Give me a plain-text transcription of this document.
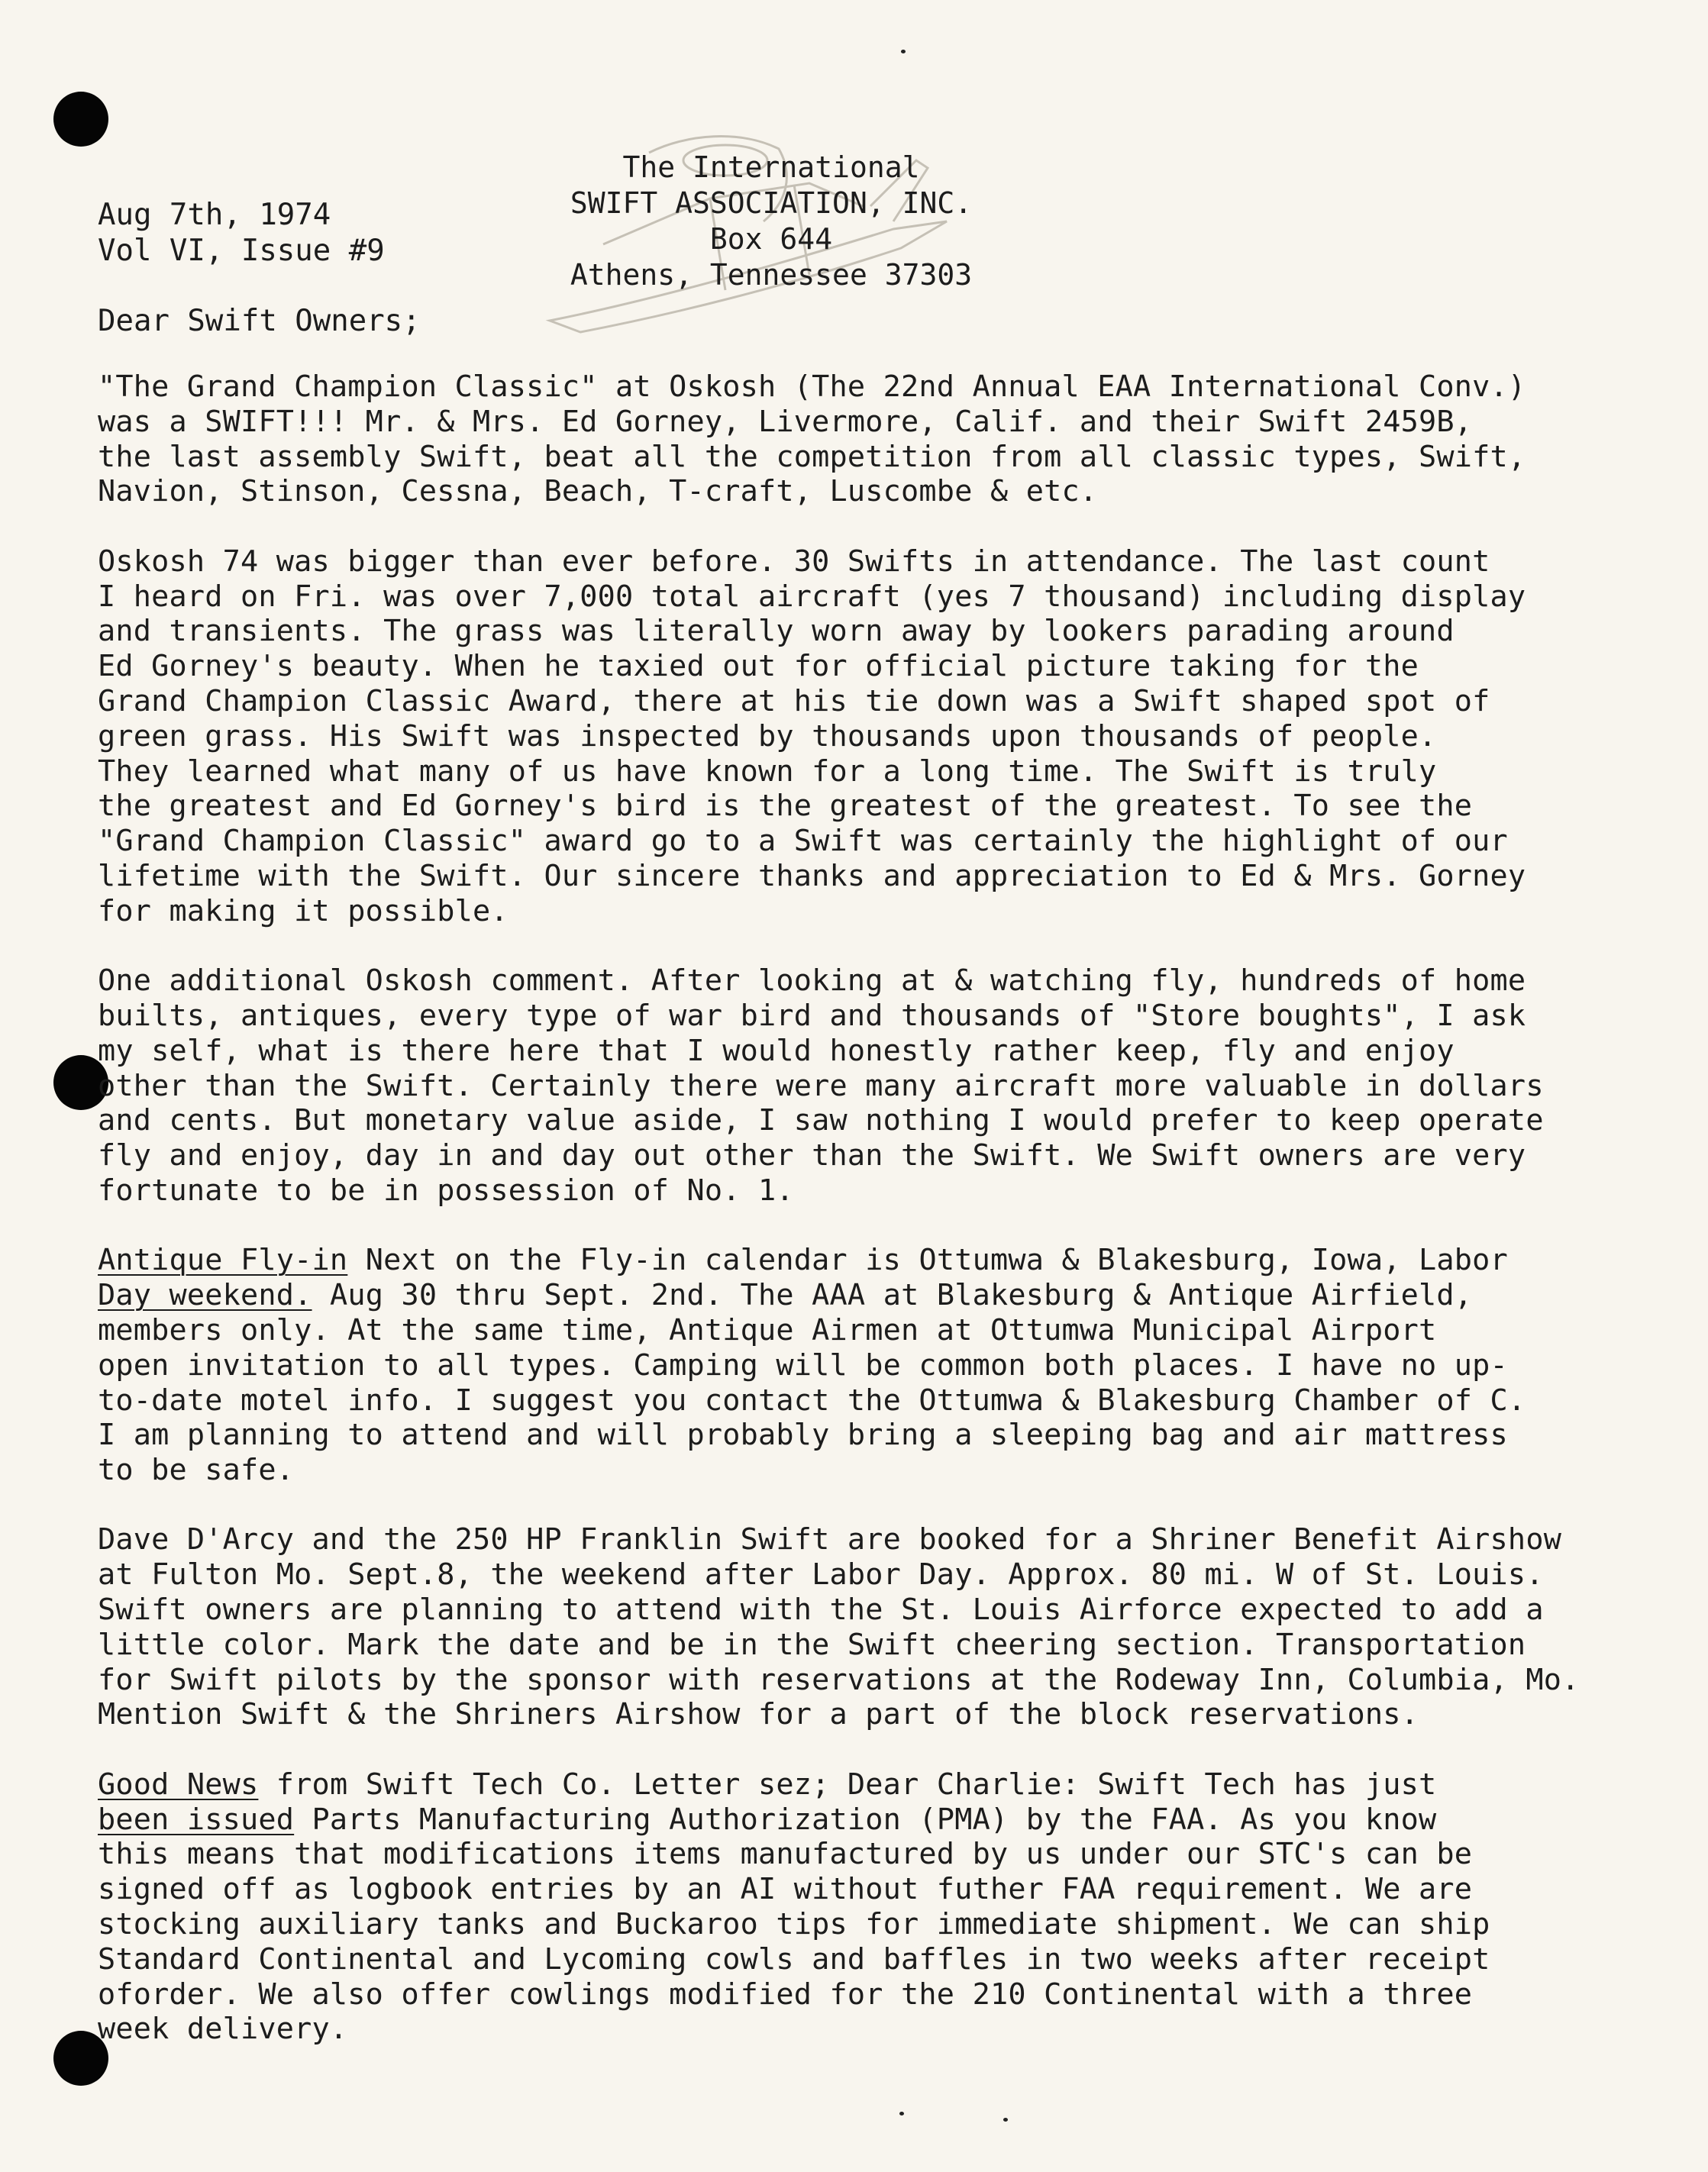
The International
SWIFT ASSOCIATION, INC.
Box 644
Athens, Tennessee 37303
Aug 7th, 1974
Vol VI, Issue #9
Dear Swift Owners;

"The Grand Champion Classic" at Oskosh (The 22nd Annual EAA International Conv.)
was a SWIFT!!! Mr. & Mrs. Ed Gorney, Livermore, Calif. and their Swift 2459B,
the last assembly Swift, beat all the competition from all classic types, Swift,
Navion, Stinson, Cessna, Beach, T-craft, Luscombe & etc.

Oskosh 74 was bigger than ever before. 30 Swifts in attendance. The last count
I heard on Fri. was over 7,000 total aircraft (yes 7 thousand) including display
and transients. The grass was literally worn away by lookers parading around
Ed Gorney's beauty. When he taxied out for official picture taking for the
Grand Champion Classic Award, there at his tie down was a Swift shaped spot of
green grass. His Swift was inspected by thousands upon thousands of people.
They learned what many of us have known for a long time. The Swift is truly
the greatest and Ed Gorney's bird is the greatest of the greatest. To see the
"Grand Champion Classic" award go to a Swift was certainly the highlight of our
lifetime with the Swift. Our sincere thanks and appreciation to Ed & Mrs. Gorney
for making it possible.

One additional Oskosh comment. After looking at & watching fly, hundreds of home
builts, antiques, every type of war bird and thousands of "Store boughts", I ask
my self, what is there here that I would honestly rather keep, fly and enjoy
other than the Swift. Certainly there were many aircraft more valuable in dollars
and cents. But monetary value aside, I saw nothing I would prefer to keep operate
fly and enjoy, day in and day out other than the Swift. We Swift owners are very
fortunate to be in possession of No. 1.

Antique Fly-in Next on the Fly-in calendar is Ottumwa & Blakesburg, Iowa, Labor
Day weekend. Aug 30 thru Sept. 2nd. The AAA at Blakesburg & Antique Airfield,
members only. At the same time, Antique Airmen at Ottumwa Municipal Airport
open invitation to all types. Camping will be common both places. I have no up-
to-date motel info. I suggest you contact the Ottumwa & Blakesburg Chamber of C.
I am planning to attend and will probably bring a sleeping bag and air mattress
to be safe.

Dave D'Arcy and the 250 HP Franklin Swift are booked for a Shriner Benefit Airshow
at Fulton Mo. Sept.8, the weekend after Labor Day. Approx. 80 mi. W of St. Louis.
Swift owners are planning to attend with the St. Louis Airforce expected to add a
little color. Mark the date and be in the Swift cheering section. Transportation
for Swift pilots by the sponsor with reservations at the Rodeway Inn, Columbia, Mo.
Mention Swift & the Shriners Airshow for a part of the block reservations.

Good News from Swift Tech Co. Letter sez; Dear Charlie: Swift Tech has just
been issued Parts Manufacturing Authorization (PMA) by the FAA. As you know
this means that modifications items manufactured by us under our STC's can be
signed off as logbook entries by an AI without futher FAA requirement. We are
stocking auxiliary tanks and Buckaroo tips for immediate shipment. We can ship
Standard Continental and Lycoming cowls and baffles in two weeks after receipt
oforder. We also offer cowlings modified for the 210 Continental with a three
week delivery.
